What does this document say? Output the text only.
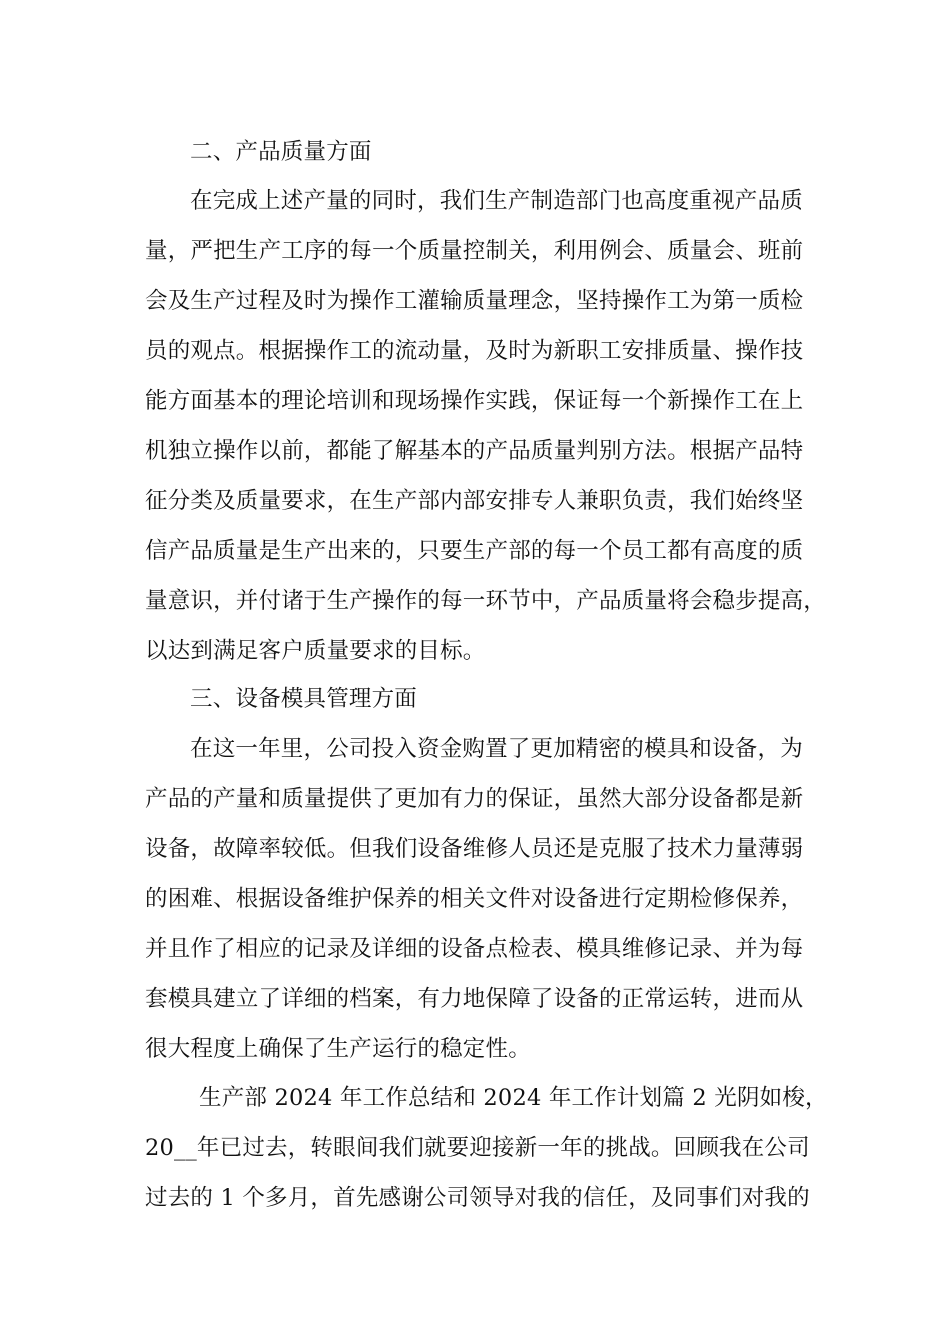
二、产品质量方面
在完成上述产量的同时，我们生产制造部门也高度重视产品质
量，严把生产工序的每一个质量控制关，利用例会、质量会、班前
会及生产过程及时为操作工灌输质量理念，坚持操作工为第一质检
员的观点。根据操作工的流动量，及时为新职工安排质量、操作技
能方面基本的理论培训和现场操作实践，保证每一个新操作工在上
机独立操作以前，都能了解基本的产品质量判别方法。根据产品特
征分类及质量要求，在生产部内部安排专人兼职负责，我们始终坚
信产品质量是生产出来的，只要生产部的每一个员工都有高度的质
量意识，并付诸于生产操作的每一环节中，产品质量将会稳步提高，
以达到满足客户质量要求的目标。
三、设备模具管理方面
在这一年里，公司投入资金购置了更加精密的模具和设备，为
产品的产量和质量提供了更加有力的保证，虽然大部分设备都是新
设备，故障率较低。但我们设备维修人员还是克服了技术力量薄弱
的困难、根据设备维护保养的相关文件对设备进行定期检修保养，
并且作了相应的记录及详细的设备点检表、模具维修记录、并为每
套模具建立了详细的档案，有力地保障了设备的正常运转，进而从
很大程度上确保了生产运行的稳定性。
生产部 2024 年工作总结和 2024 年工作计划篇 2 光阴如梭，
20__年已过去，转眼间我们就要迎接新一年的挑战。回顾我在公司
过去的 1 个多月，首先感谢公司领导对我的信任，及同事们对我的
